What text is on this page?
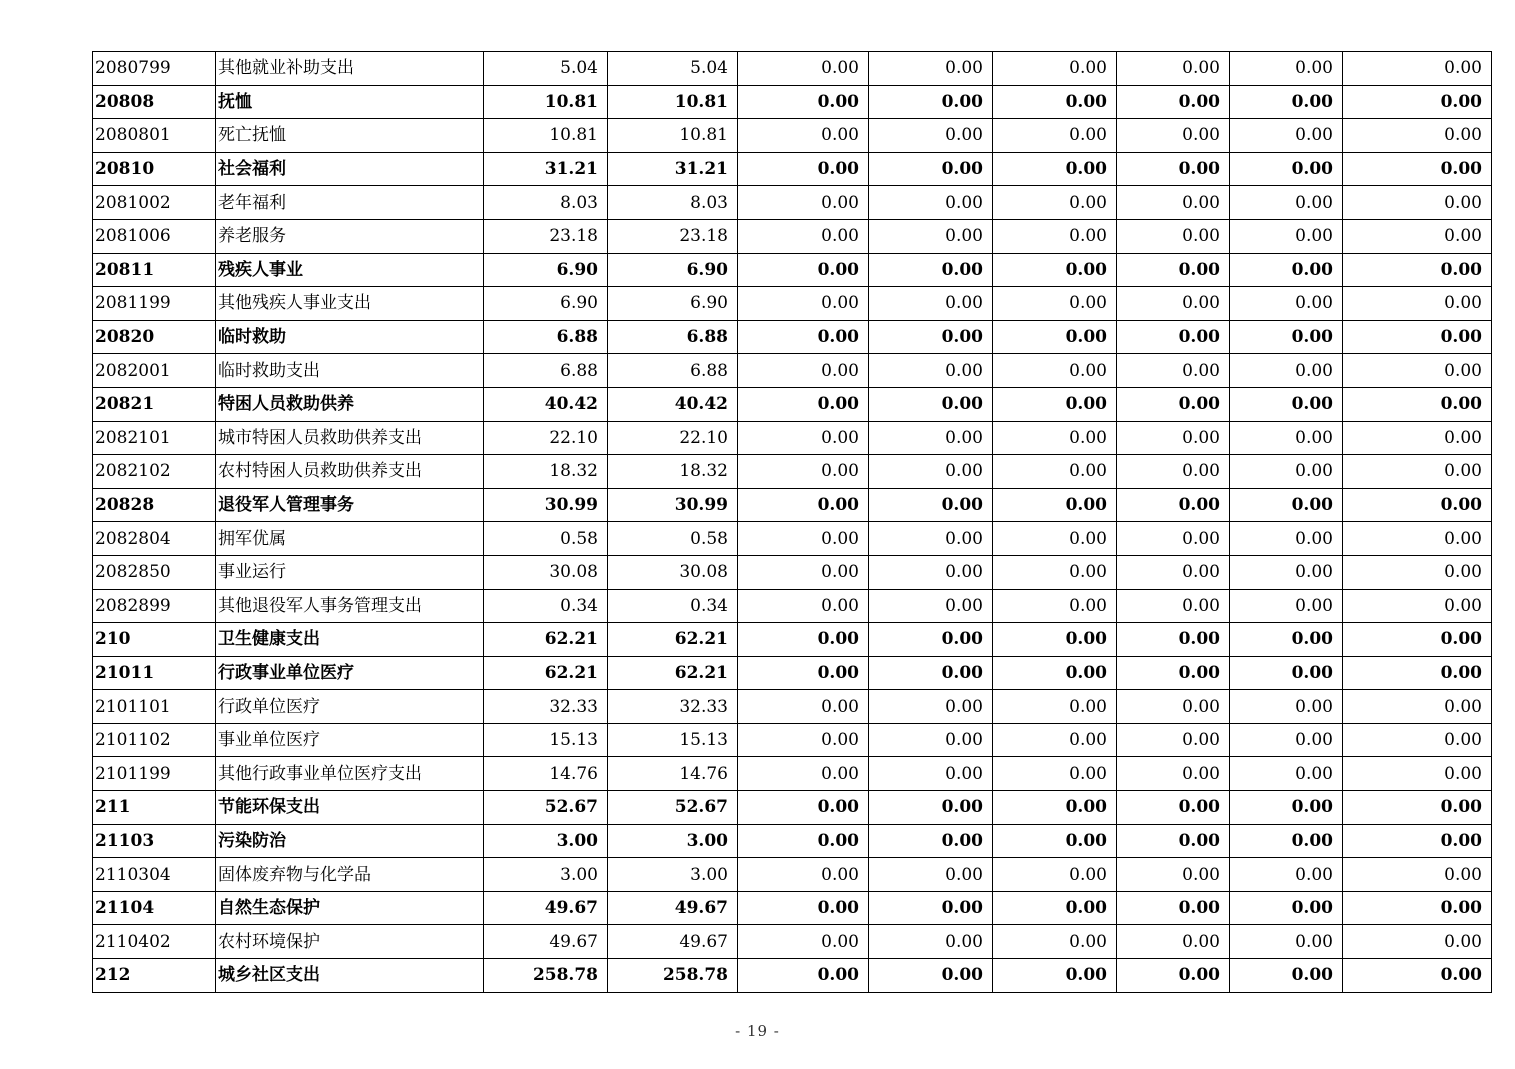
2080799	其他就业补助支出	5.04	5.04	0.00	0.00	0.00	0.00	0.00	0.00
20808	抚恤	10.81	10.81	0.00	0.00	0.00	0.00	0.00	0.00
2080801	死亡抚恤	10.81	10.81	0.00	0.00	0.00	0.00	0.00	0.00
20810	社会福利	31.21	31.21	0.00	0.00	0.00	0.00	0.00	0.00
2081002	老年福利	8.03	8.03	0.00	0.00	0.00	0.00	0.00	0.00
2081006	养老服务	23.18	23.18	0.00	0.00	0.00	0.00	0.00	0.00
20811	残疾人事业	6.90	6.90	0.00	0.00	0.00	0.00	0.00	0.00
2081199	其他残疾人事业支出	6.90	6.90	0.00	0.00	0.00	0.00	0.00	0.00
20820	临时救助	6.88	6.88	0.00	0.00	0.00	0.00	0.00	0.00
2082001	临时救助支出	6.88	6.88	0.00	0.00	0.00	0.00	0.00	0.00
20821	特困人员救助供养	40.42	40.42	0.00	0.00	0.00	0.00	0.00	0.00
2082101	城市特困人员救助供养支出	22.10	22.10	0.00	0.00	0.00	0.00	0.00	0.00
2082102	农村特困人员救助供养支出	18.32	18.32	0.00	0.00	0.00	0.00	0.00	0.00
20828	退役军人管理事务	30.99	30.99	0.00	0.00	0.00	0.00	0.00	0.00
2082804	拥军优属	0.58	0.58	0.00	0.00	0.00	0.00	0.00	0.00
2082850	事业运行	30.08	30.08	0.00	0.00	0.00	0.00	0.00	0.00
2082899	其他退役军人事务管理支出	0.34	0.34	0.00	0.00	0.00	0.00	0.00	0.00
210	卫生健康支出	62.21	62.21	0.00	0.00	0.00	0.00	0.00	0.00
21011	行政事业单位医疗	62.21	62.21	0.00	0.00	0.00	0.00	0.00	0.00
2101101	行政单位医疗	32.33	32.33	0.00	0.00	0.00	0.00	0.00	0.00
2101102	事业单位医疗	15.13	15.13	0.00	0.00	0.00	0.00	0.00	0.00
2101199	其他行政事业单位医疗支出	14.76	14.76	0.00	0.00	0.00	0.00	0.00	0.00
211	节能环保支出	52.67	52.67	0.00	0.00	0.00	0.00	0.00	0.00
21103	污染防治	3.00	3.00	0.00	0.00	0.00	0.00	0.00	0.00
2110304	固体废弃物与化学品	3.00	3.00	0.00	0.00	0.00	0.00	0.00	0.00
21104	自然生态保护	49.67	49.67	0.00	0.00	0.00	0.00	0.00	0.00
2110402	农村环境保护	49.67	49.67	0.00	0.00	0.00	0.00	0.00	0.00
212	城乡社区支出	258.78	258.78	0.00	0.00	0.00	0.00	0.00	0.00
- 19 -
